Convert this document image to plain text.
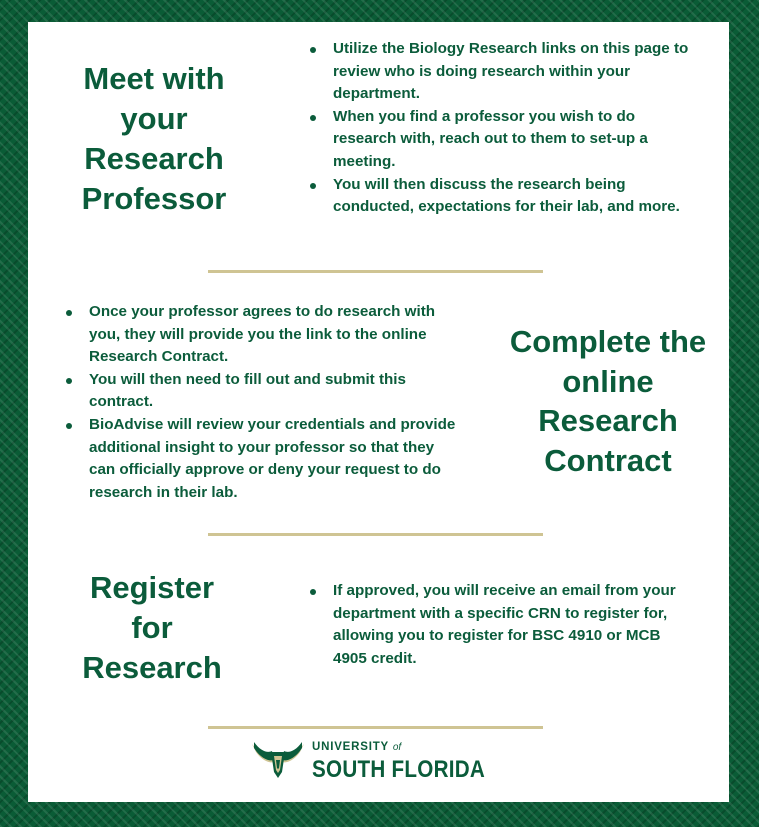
Meet with
your
Research
Professor
Utilize the Biology Research links on this page to review who is doing research within your department.
When you find a professor you wish to do research with, reach out to them to set-up a meeting.
You will then discuss the research being conducted, expectations for their lab, and more.
Once your professor agrees to do research with you, they will provide you the link to the online Research Contract.
You will then need to fill out and submit this contract.
BioAdvise will review your credentials and provide additional insight to your professor so that they can officially approve or deny your request to do research in their lab.
Complete the
online
Research
Contract
Register
for
Research
If approved, you will receive an email from your department with a specific CRN to register for, allowing you to register for BSC 4910 or MCB 4905 credit.
UNIVERSITY of
SOUTH FLORIDA
